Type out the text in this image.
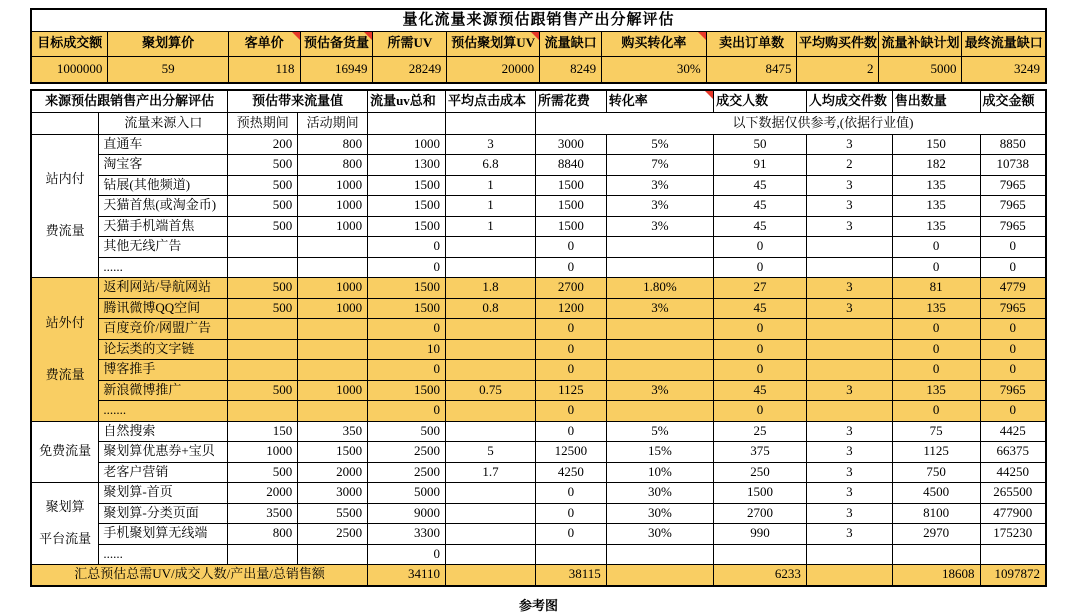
量化流量来源预估跟销售产出分解评估											
目标成交额	聚划算价	客单价	预估备货量	所需UV	预估聚划算UV	流量缺口	购买转化率	卖出订单数	平均购买件数	流量补缺计划	最终流量缺口
1000000	59	118	16949	28249	20000	8249	30%	8475	2	5000	3249
来源预估跟销售产出分解评估		预估带来流量值		流量uv总和	平均点击成本	所需花费	转化率	成交人数	人均成交件数	售出数量	成交金额
	流量来源入口	预热期间	活动期间			以下数据仅供参考,(依据行业值)					

站内付
费流量	直通车	200	800	1000	3	3000	5%	50	3	150	8850
	淘宝客	500	800	1300	6.8	8840	7%	91	2	182	10738
	钻展(其他频道)	500	1000	1500	1	1500	3%	45	3	135	7965
	天猫首焦(或淘金币)	500	1000	1500	1	1500	3%	45	3	135	7965
	天猫手机端首焦	500	1000	1500	1	1500	3%	45	3	135	7965
	其他无线广告			0		0		0		0	0
	......			0		0		0		0	0

站外付
费流量	返利网站/导航网站	500	1000	1500	1.8	2700	1.80%	27	3	81	4779
	腾讯微博QQ空间	500	1000	1500	0.8	1200	3%	45	3	135	7965
	百度竞价/网盟广告			0		0		0		0	0
	论坛类的文字链			10		0		0		0	0
	博客推手			0		0		0		0	0
	新浪微博推广	500	1000	1500	0.75	1125	3%	45	3	135	7965
	.......			0		0		0		0	0

免费流量	自然搜索	150	350	500		0	5%	25	3	75	4425
	聚划算优惠券+宝贝	1000	1500	2500	5	12500	15%	375	3	1125	66375
	老客户营销	500	2000	2500	1.7	4250	10%	250	3	750	44250

聚划算
平台流量	聚划算-首页	2000	3000	5000		0	30%	1500	3	4500	265500
	聚划算-分类页面	3500	5500	9000		0	30%	2700	3	8100	477900
	手机聚划算无线端	800	2500	3300		0	30%	990	3	2970	175230
	......			0							
汇总预估总需UV/成交人数/产出量/总销售额				34110		38115		6233		18608	1097872
参考图
